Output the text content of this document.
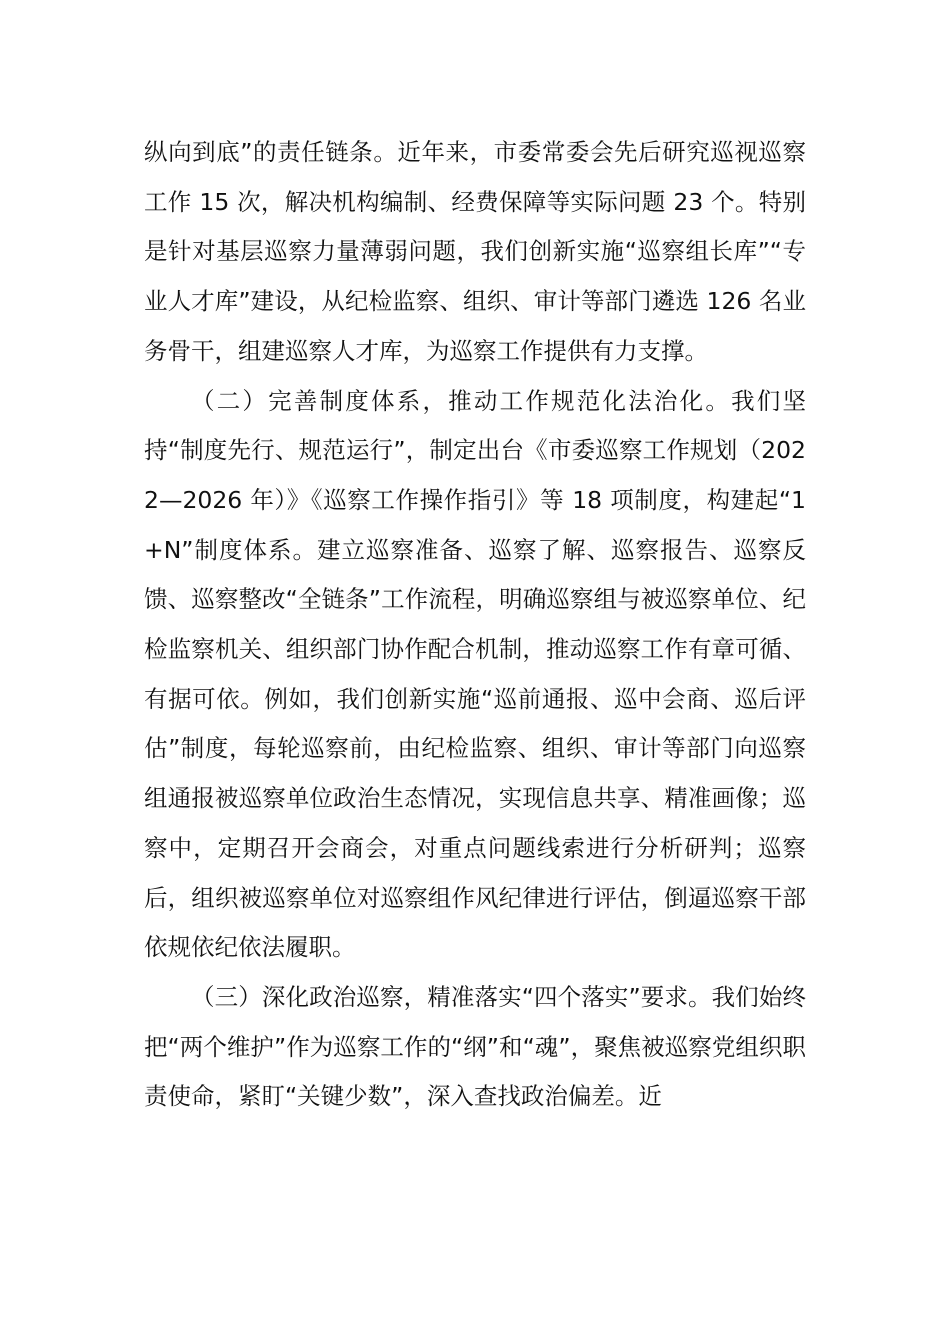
纵向到底”的责任链条。近年来，市委常委会先后研究巡视巡察工作 15 次，解决机构编制、经费保障等实际问题 23 个。特别是针对基层巡察力量薄弱问题，我们创新实施“巡察组长库”“专业人才库”建设，从纪检监察、组织、审计等部门遴选 126 名业务骨干，组建巡察人才库，为巡察工作提供有力支撑。

（二）完善制度体系，推动工作规范化法治化。我们坚持“制度先行、规范运行”，制定出台《市委巡察工作规划（2022—2026 年）》《巡察工作操作指引》等 18 项制度，构建起“1+N”制度体系。建立巡察准备、巡察了解、巡察报告、巡察反馈、巡察整改“全链条”工作流程，明确巡察组与被巡察单位、纪检监察机关、组织部门协作配合机制，推动巡察工作有章可循、有据可依。例如，我们创新实施“巡前通报、巡中会商、巡后评估”制度，每轮巡察前，由纪检监察、组织、审计等部门向巡察组通报被巡察单位政治生态情况，实现信息共享、精准画像；巡察中，定期召开会商会，对重点问题线索进行分析研判；巡察后，组织被巡察单位对巡察组作风纪律进行评估，倒逼巡察干部依规依纪依法履职。

（三）深化政治巡察，精准落实“四个落实”要求。我们始终把“两个维护”作为巡察工作的“纲”和“魂”，聚焦被巡察党组织职责使命，紧盯“关键少数”，深入查找政治偏差。近
